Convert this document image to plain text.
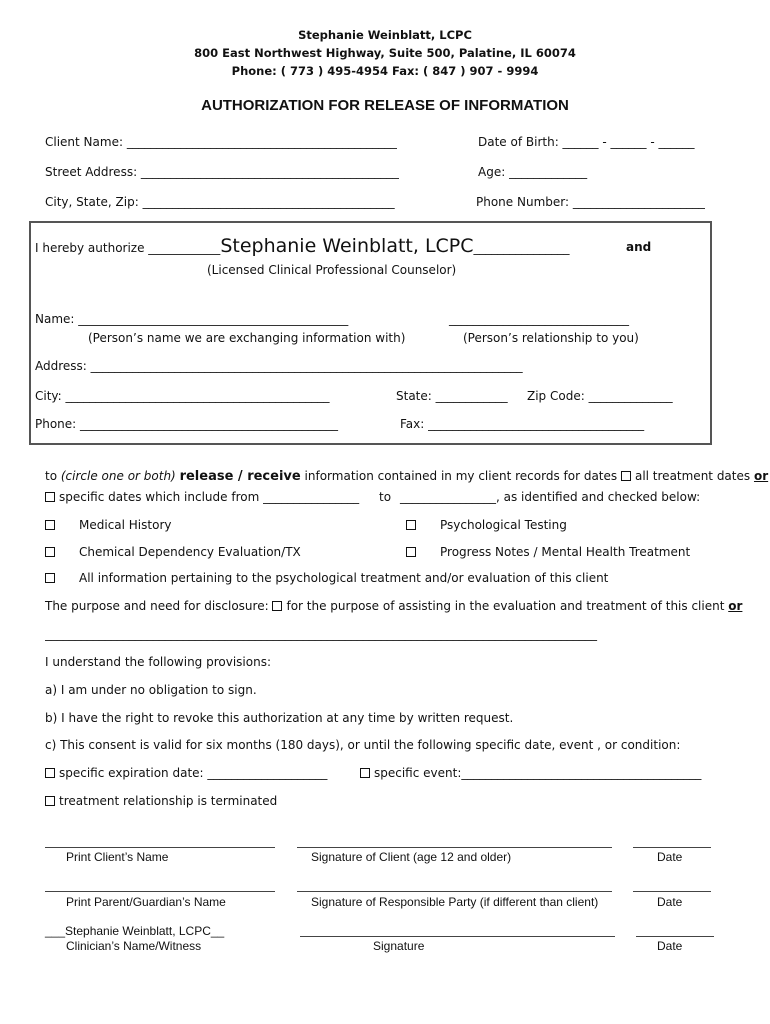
Stephanie Weinblatt, LCPC
800 East Northwest Highway, Suite 500, Palatine, IL 60074
Phone: ( 773 ) 495-4954 Fax: ( 847 ) 907 - 9994
AUTHORIZATION FOR RELEASE OF INFORMATION
Client Name: _____________________________________________	Date of Birth: ______ - ______ - ______
Street Address: ___________________________________________	Age: _____________
City, State, Zip: __________________________________________	Phone Number: ______________________
I hereby authorize ____________Stephanie Weinblatt, LCPC________________	and
(Licensed Clinical Professional Counselor)
Name: _____________________________________________	______________________________
(Person’s name we are exchanging information with)	(Person’s relationship to you)
Address: ________________________________________________________________________
City: ____________________________________________	State: ____________ Zip Code: ______________
Phone: ___________________________________________	Fax: ____________________________________
to (circle one or both) release / receive information contained in my client records for dates all treatment dates or
specific dates which include from ________________ to ________________, as identified and checked below:
Medical History	Psychological Testing
Chemical Dependency Evaluation/TX	Progress Notes / Mental Health Treatment
All information pertaining to the psychological treatment and/or evaluation of this client
The purpose and need for disclosure: for the purpose of assisting in the evaluation and treatment of this client or
____________________________________________________________________________________________
I understand the following provisions:
a) I am under no obligation to sign.
b) I have the right to revoke this authorization at any time by written request.
c) This consent is valid for six months (180 days), or until the following specific date, event , or condition:
specific expiration date: ____________________	specific event:________________________________________
treatment relationship is terminated
Print Client’s Name	Signature of Client (age 12 and older)	Date
Print Parent/Guardian’s Name	Signature of Responsible Party (if different than client)	Date
___Stephanie Weinblatt, LCPC__
Clinician’s Name/Witness	Signature	Date
